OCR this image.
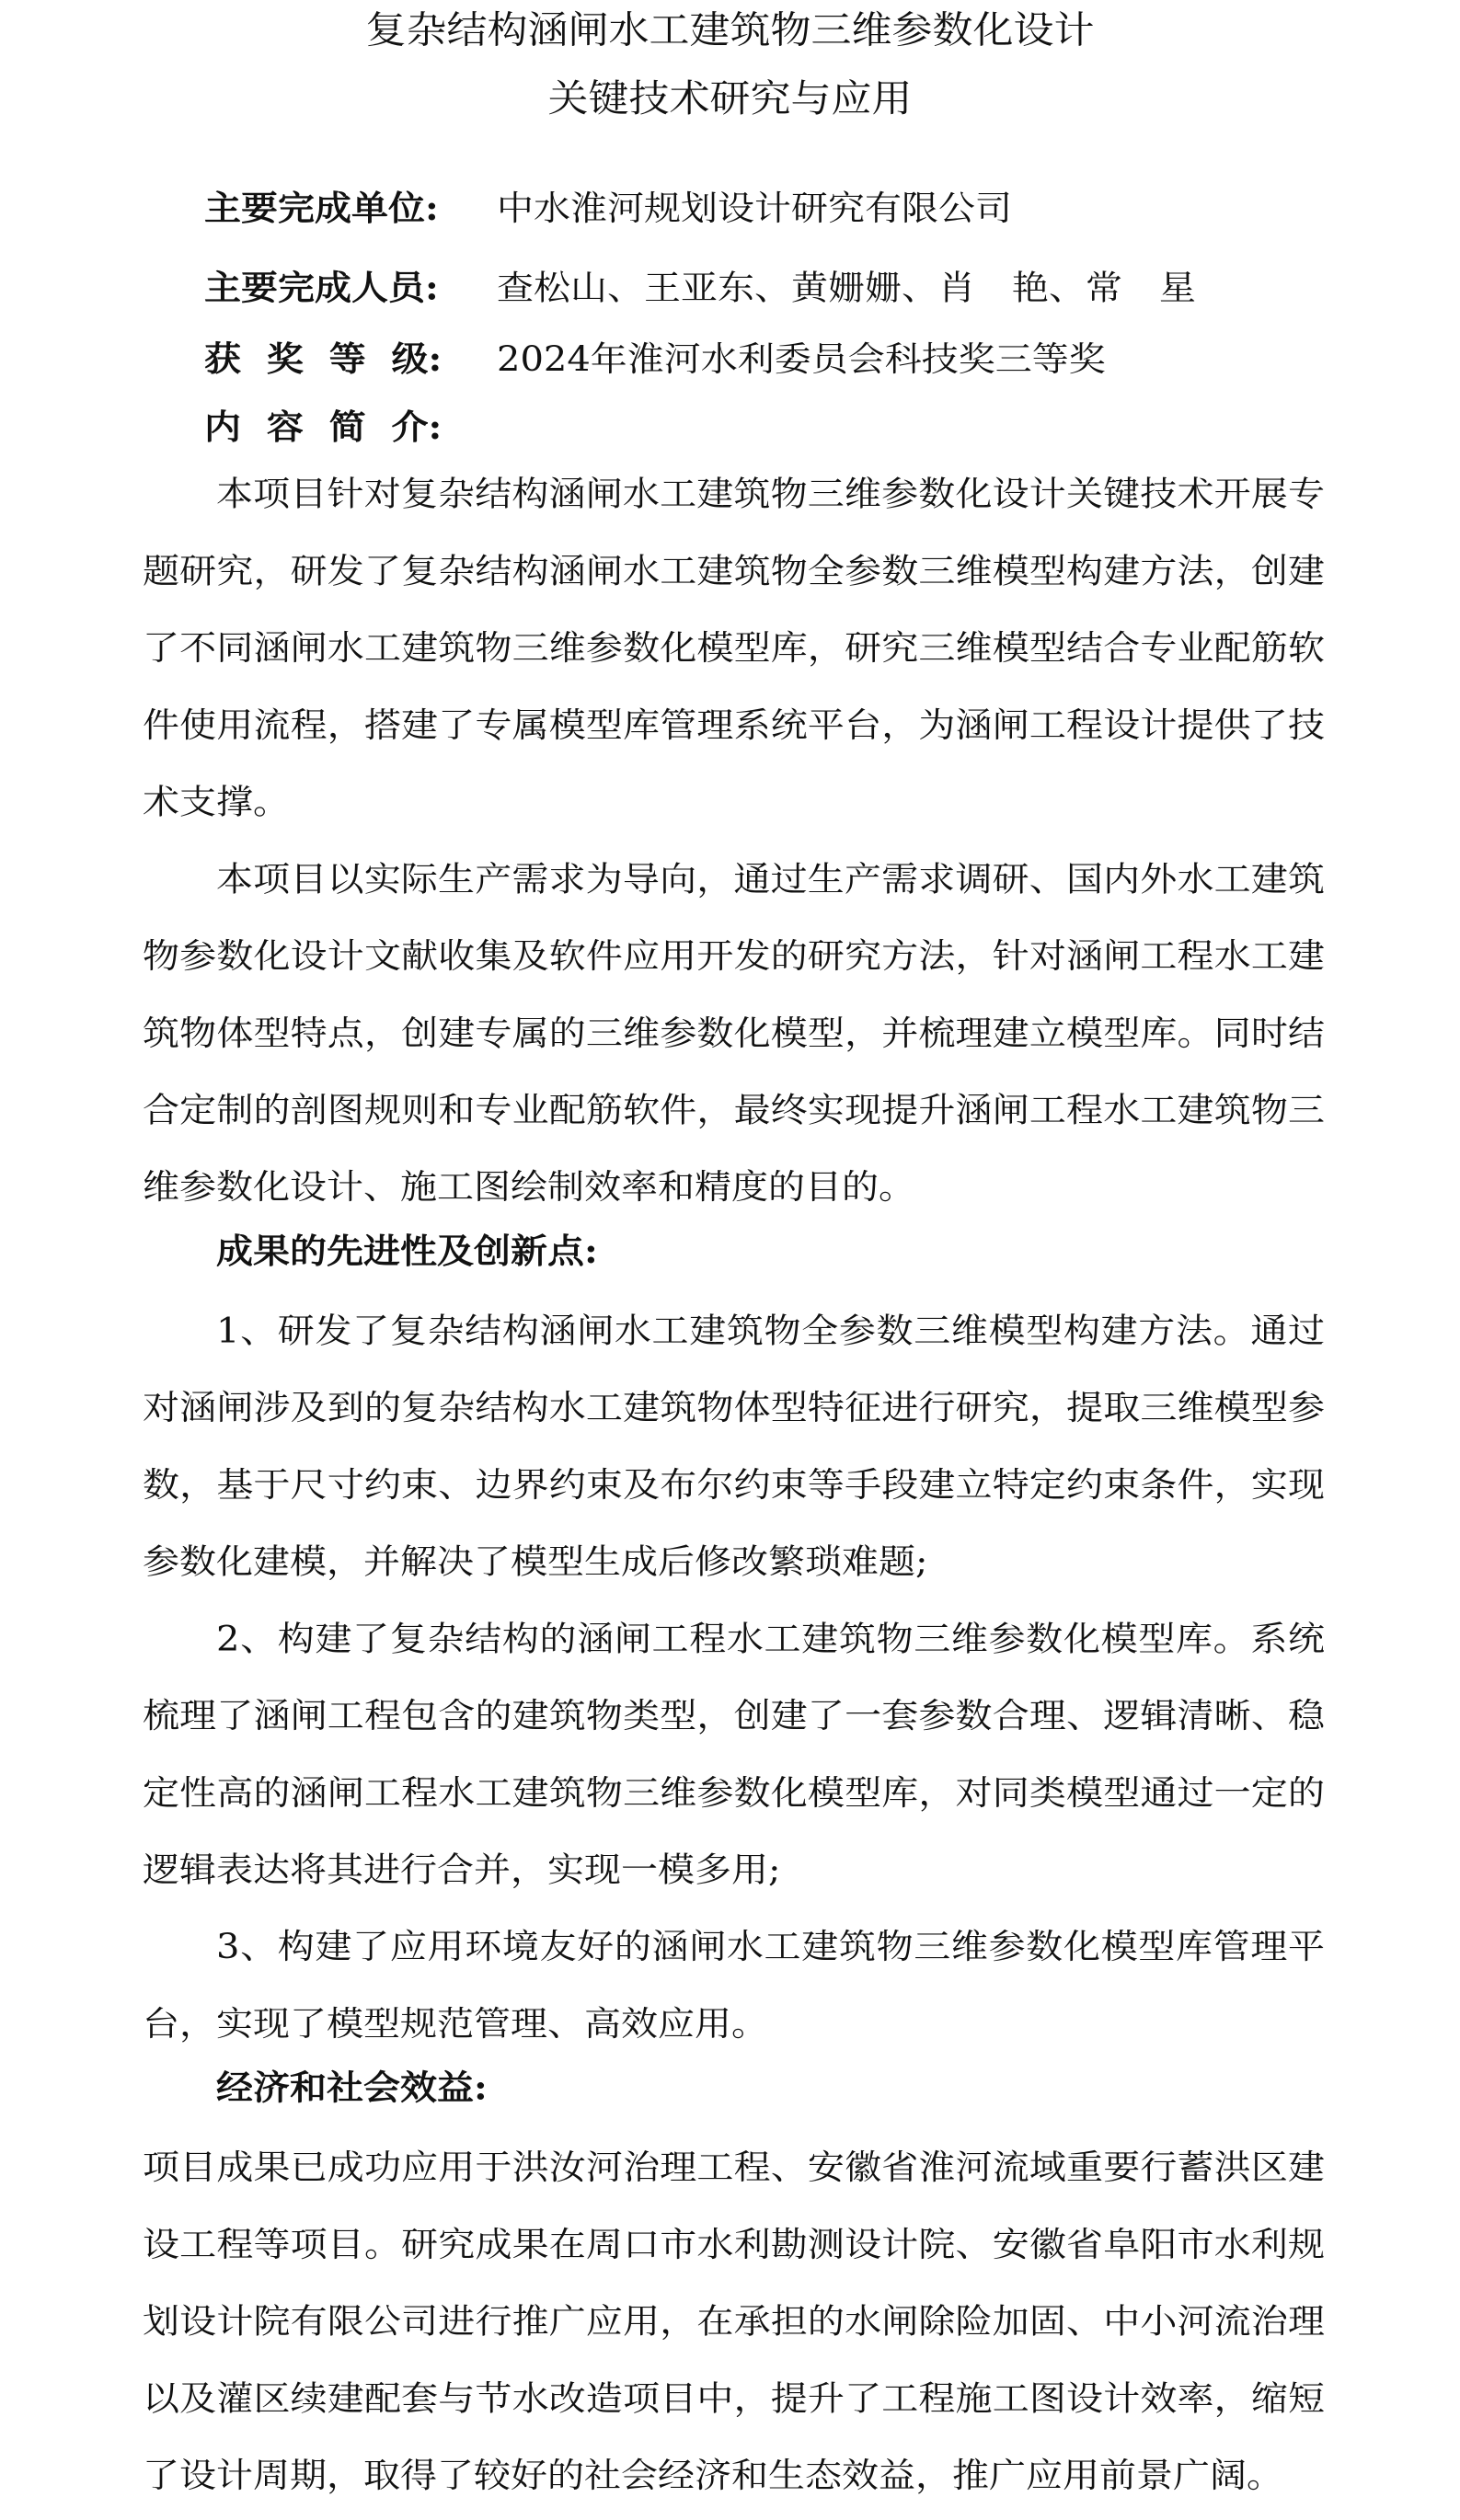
复杂结构涵闸水工建筑物三维参数化设计
关键技术研究与应用
主要完成单位: 中水淮河规划设计研究有限公司
主要完成人员: 查松山、王亚东、黄姗姗、肖　艳、常　星
获  奖  等  级: 2024年淮河水利委员会科技奖三等奖
内  容  简  介:

本项目针对复杂结构涵闸水工建筑物三维参数化设计关键技术开展专题研究，研发了复杂结构涵闸水工建筑物全参数三维模型构建方法，创建了不同涵闸水工建筑物三维参数化模型库，研究三维模型结合专业配筋软件使用流程，搭建了专属模型库管理系统平台，为涵闸工程设计提供了技术支撑。

本项目以实际生产需求为导向，通过生产需求调研、国内外水工建筑物参数化设计文献收集及软件应用开发的研究方法，针对涵闸工程水工建筑物体型特点，创建专属的三维参数化模型，并梳理建立模型库。同时结合定制的剖图规则和专业配筋软件，最终实现提升涵闸工程水工建筑物三维参数化设计、施工图绘制效率和精度的目的。

成果的先进性及创新点:

1、研发了复杂结构涵闸水工建筑物全参数三维模型构建方法。通过对涵闸涉及到的复杂结构水工建筑物体型特征进行研究，提取三维模型参数，基于尺寸约束、边界约束及布尔约束等手段建立特定约束条件，实现参数化建模，并解决了模型生成后修改繁琐难题;

2、构建了复杂结构的涵闸工程水工建筑物三维参数化模型库。系统梳理了涵闸工程包含的建筑物类型，创建了一套参数合理、逻辑清晰、稳定性高的涵闸工程水工建筑物三维参数化模型库，对同类模型通过一定的逻辑表达将其进行合并，实现一模多用;

3、构建了应用环境友好的涵闸水工建筑物三维参数化模型库管理平台，实现了模型规范管理、高效应用。

经济和社会效益:

项目成果已成功应用于洪汝河治理工程、安徽省淮河流域重要行蓄洪区建设工程等项目。研究成果在周口市水利勘测设计院、安徽省阜阳市水利规划设计院有限公司进行推广应用，在承担的水闸除险加固、中小河流治理以及灌区续建配套与节水改造项目中，提升了工程施工图设计效率，缩短了设计周期，取得了较好的社会经济和生态效益，推广应用前景广阔。
